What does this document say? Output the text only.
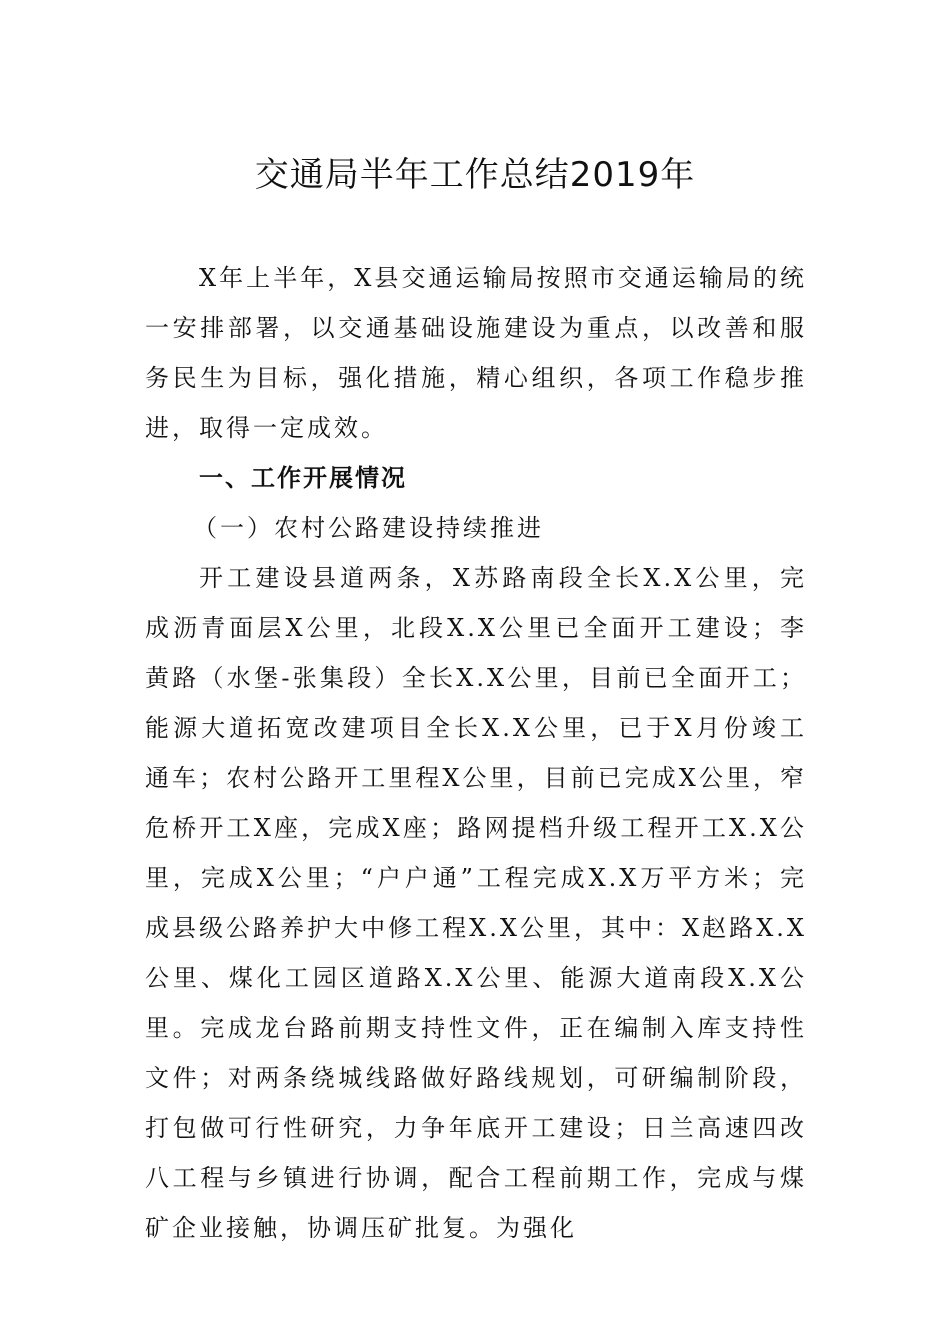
交通局半年工作总结2019年

X年上半年，X县交通运输局按照市交通运输局的统一安排部署，以交通基础设施建设为重点，以改善和服务民生为目标，强化措施，精心组织，各项工作稳步推进，取得一定成效。

一、工作开展情况

（一）农村公路建设持续推进

开工建设县道两条，X苏路南段全长X.X公里，完成沥青面层X公里，北段X.X公里已全面开工建设；李黄路（水堡-张集段）全长X.X公里，目前已全面开工；能源大道拓宽改建项目全长X.X公里，已于X月份竣工通车；农村公路开工里程X公里，目前已完成X公里，窄危桥开工X座，完成X座；路网提档升级工程开工X.X公里，完成X公里；“户户通”工程完成X.X万平方米；完成县级公路养护大中修工程X.X公里，其中：X赵路X.X公里、煤化工园区道路X.X公里、能源大道南段X.X公里。完成龙台路前期支持性文件，正在编制入库支持性文件；对两条绕城线路做好路线规划，可研编制阶段，打包做可行性研究，力争年底开工建设；日兰高速四改八工程与乡镇进行协调，配合工程前期工作，完成与煤矿企业接触，协调压矿批复。为强化
